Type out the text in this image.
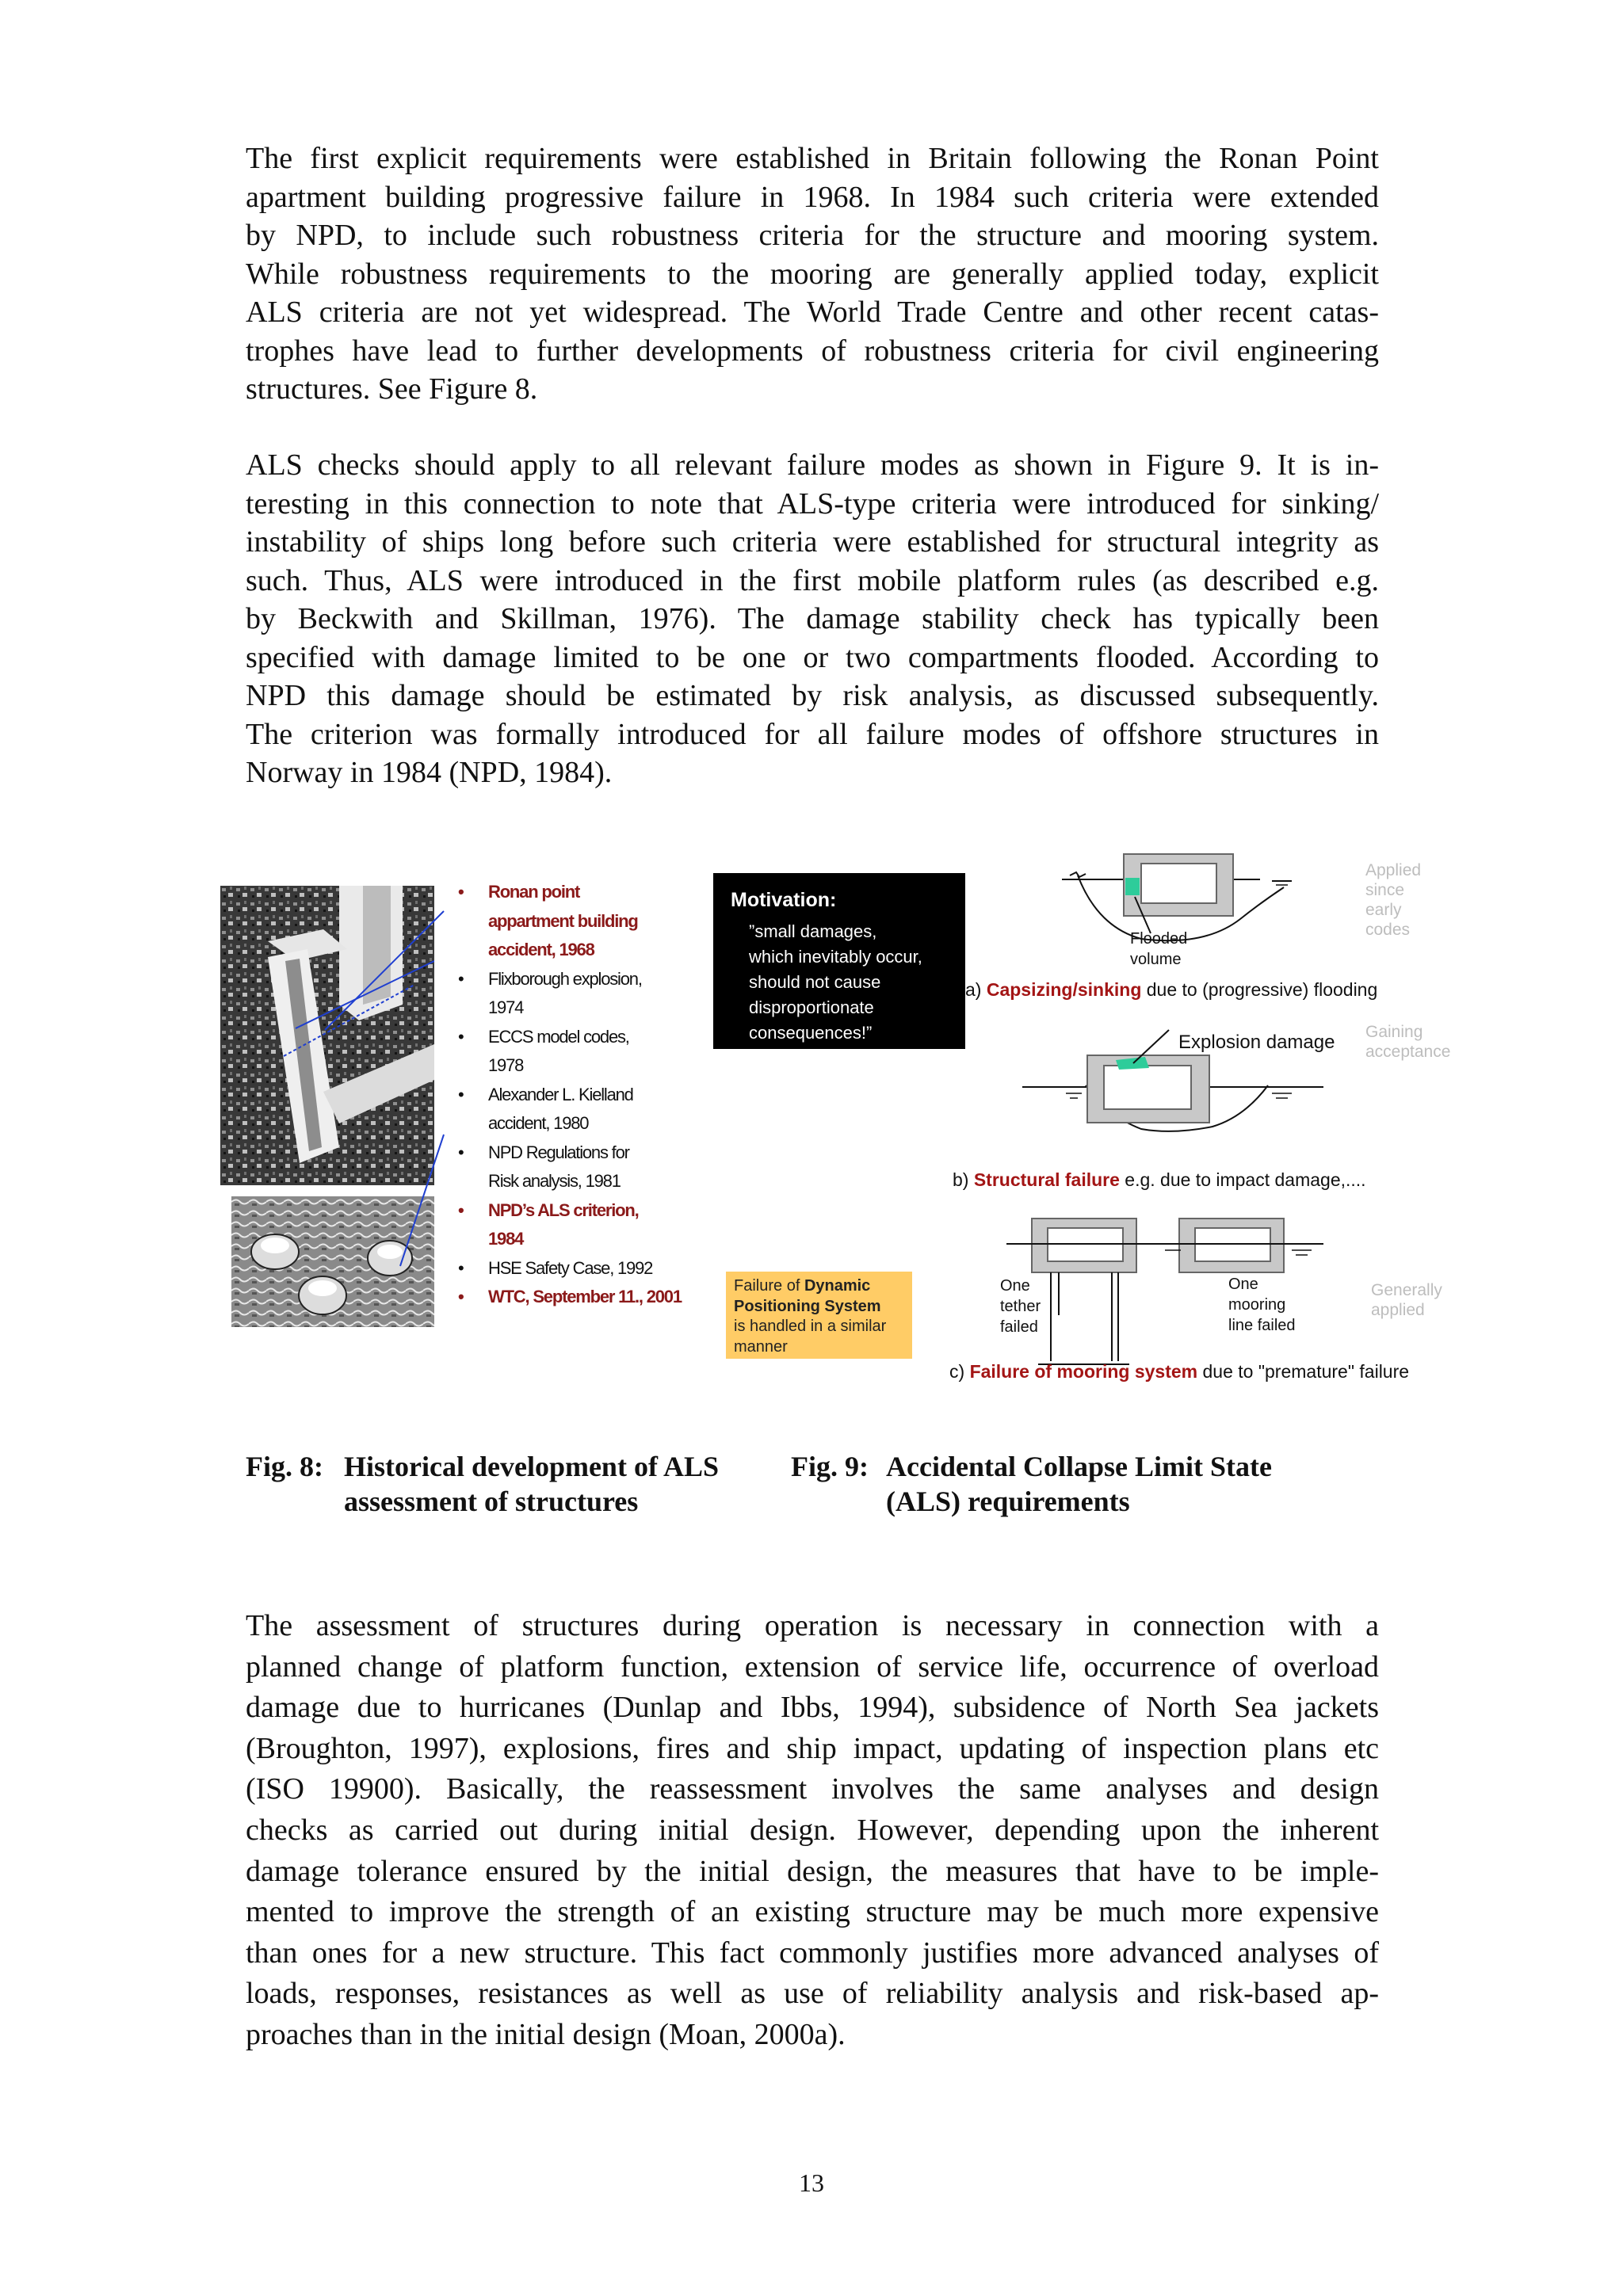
The first explicit requirements were established in Britain following the Ronan Point
apartment building progressive failure in 1968. In 1984 such criteria were extended
by NPD, to include such robustness criteria for the structure and mooring system.
While robustness requirements to the mooring are generally applied today, explicit
ALS criteria are not yet widespread. The World Trade Centre and other recent catas-
trophes have lead to further developments of robustness criteria for civil engineering
structures. See Figure 8.
ALS checks should apply to all relevant failure modes as shown in Figure 9. It is in-
teresting in this connection to note that ALS-type criteria were introduced for sinking/
instability of ships long before such criteria were established for structural integrity as
such. Thus, ALS were introduced in the first mobile platform rules (as described e.g.
by Beckwith and Skillman, 1976). The damage stability check has typically been
specified with damage limited to be one or two compartments flooded. According to
NPD this damage should be estimated by risk analysis, as discussed subsequently.
The criterion was formally introduced for all failure modes of offshore structures in
Norway in 1984 (NPD, 1984).
• Ronan point
appartment building
accident, 1968
• Flixborough explosion,
1974
• ECCS model codes,
1978
• Alexander L. Kielland
accident, 1980
• NPD Regulations for
Risk analysis, 1981
• NPD’s ALS criterion,
1984
• HSE Safety Case, 1992
• WTC, September 11., 2001
Motivation:
”small damages,
which inevitably occur,
should not cause
disproportionate
consequences!”
Failure of Dynamic
Positioning System
is handled in a similar
manner
Flooded
volume
a) Capsizing/sinking due to (progressive) flooding
Applied
since
early
codes
Explosion damage
b) Structural failure e.g. due to impact damage,....
Gaining
acceptance
One
tether
failed
One
mooring
line failed
c) Failure of mooring system due to "premature" failure
Generally
applied
Fig. 8: Historical development of ALS
assessment of structures
Fig. 9: Accidental Collapse Limit State
(ALS) requirements
The assessment of structures during operation is necessary in connection with a
planned change of platform function, extension of service life, occurrence of overload
damage due to hurricanes (Dunlap and Ibbs, 1994), subsidence of North Sea jackets
(Broughton, 1997), explosions, fires and ship impact, updating of inspection plans etc
(ISO 19900). Basically, the reassessment involves the same analyses and design
checks as carried out during initial design. However, depending upon the inherent
damage tolerance ensured by the initial design, the measures that have to be imple-
mented to improve the strength of an existing structure may be much more expensive
than ones for a new structure. This fact commonly justifies more advanced analyses of
loads, responses, resistances as well as use of reliability analysis and risk-based ap-
proaches than in the initial design (Moan, 2000a).
13
